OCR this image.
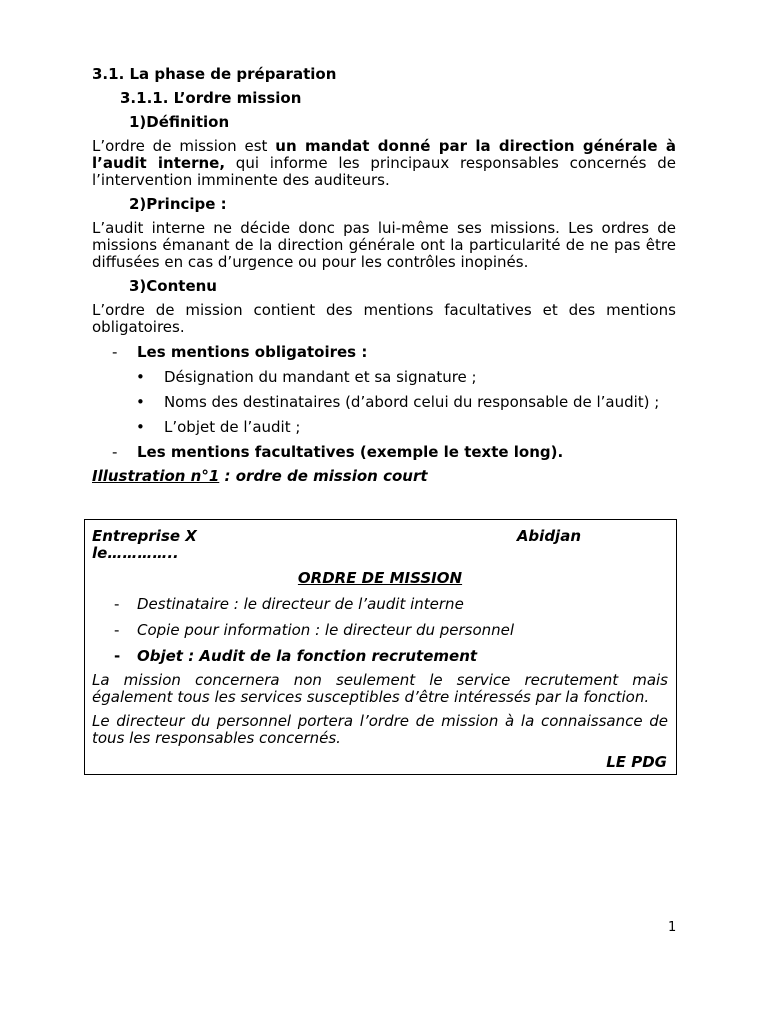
3.1. La phase de préparation

3.1.1. L’ordre mission

1)Définition

L’ordre de mission est un mandat donné par la direction générale à l’audit interne, qui informe les principaux responsables concernés de l’intervention imminente des auditeurs.

2)Principe :

L’audit interne ne décide donc pas lui-même ses missions. Les ordres de missions émanant de la direction générale ont la particularité de ne pas être diffusées en cas d’urgence ou pour les contrôles inopinés.

3)Contenu

L’ordre de mission contient des mentions facultatives et des mentions obligatoires.

-	Les mentions obligatoires :
•	Désignation du mandant et sa signature ;
• Noms des destinataires (d’abord celui du responsable de l’audit) ;
•	L’objet de l’audit ;
-	Les mentions facultatives (exemple le texte long).

Illustration n°1 : ordre de mission court

Entreprise X	Abidjan
le…………..
ORDRE DE MISSION
-	Destinataire : le directeur de l’audit interne
-	Copie pour information : le directeur du personnel
-	Objet : Audit de la fonction recrutement

La mission concernera non seulement le service recrutement mais également tous les services susceptibles d’être intéressés par la fonction.

Le directeur du personnel portera l’ordre de mission à la connaissance de tous les responsables concernés.

LE PDG
1
